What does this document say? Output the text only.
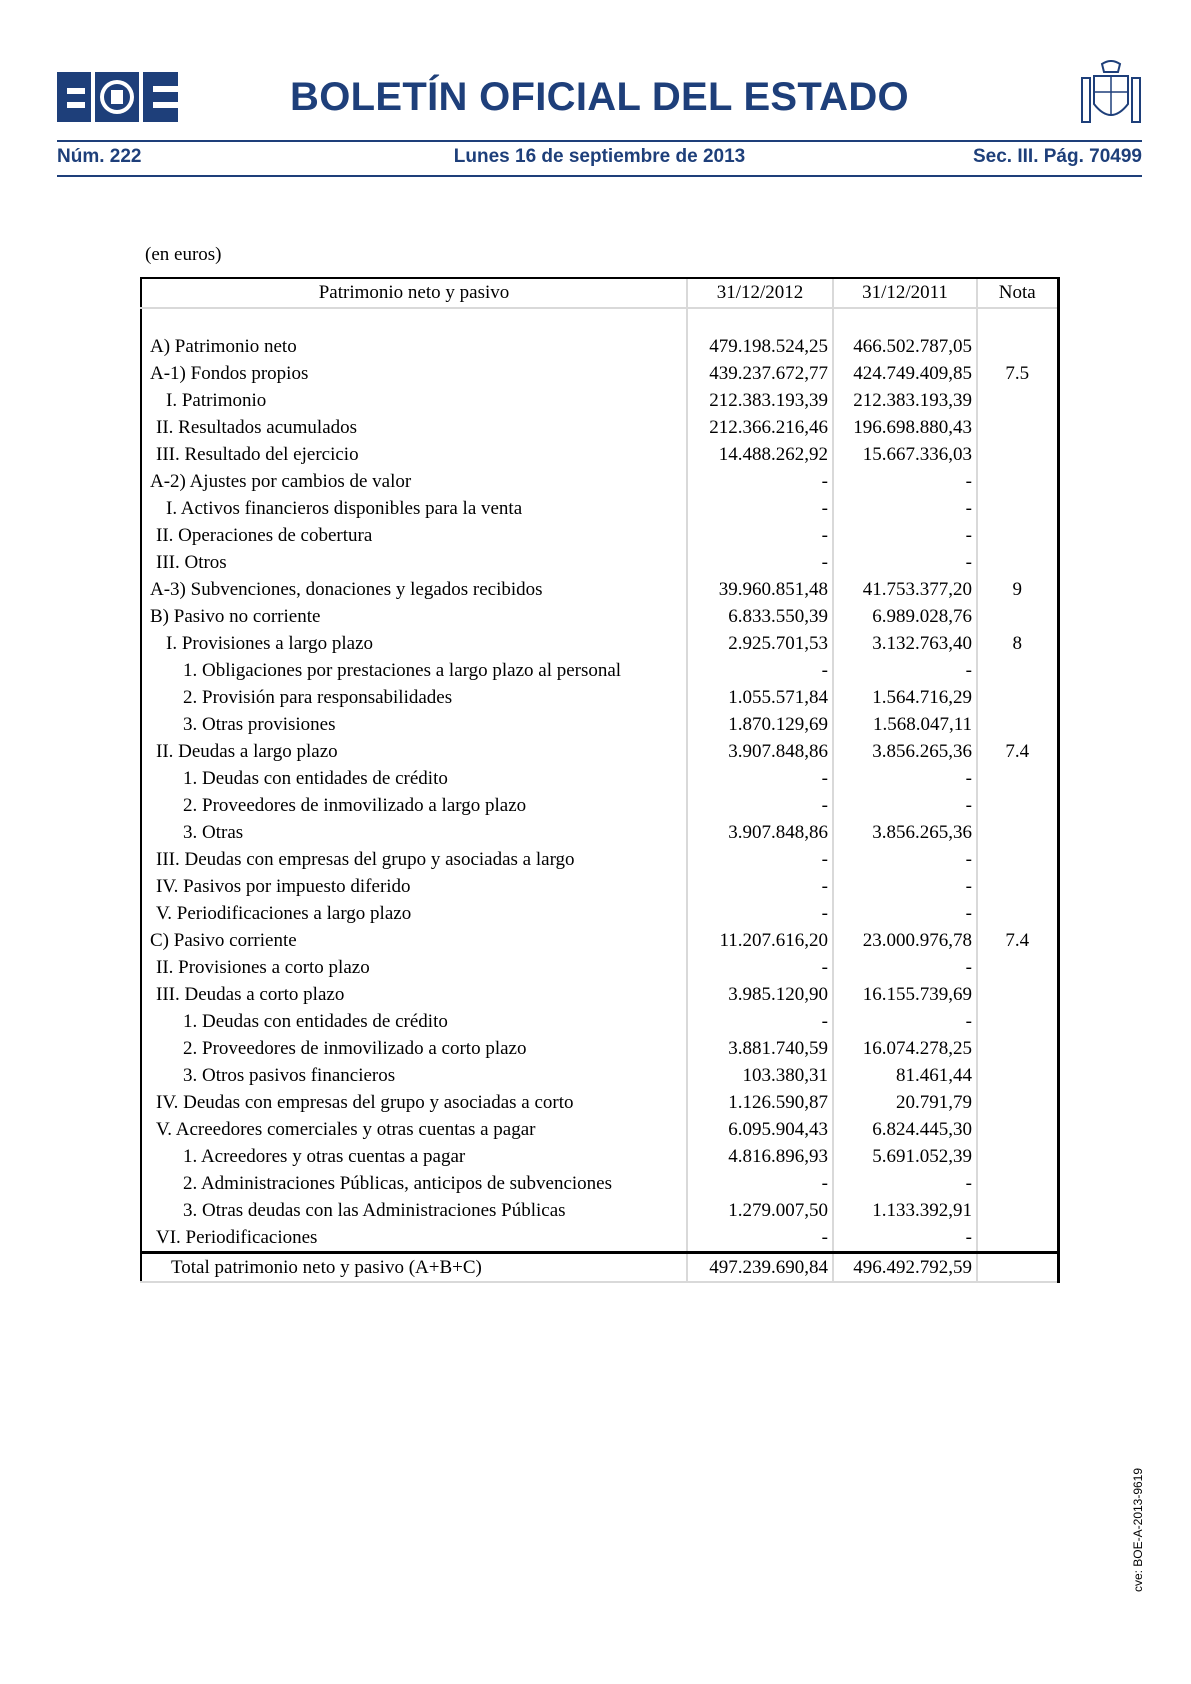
BOLETÍN OFICIAL DEL ESTADO
Núm. 222	Lunes 16 de septiembre de 2013	Sec. III. Pág. 70499
(en euros)
Patrimonio neto y pasivo	31/12/2012	31/12/2011	Nota

A) Patrimonio neto	479.198.524,25	466.502.787,05	
A-1) Fondos propios	439.237.672,77	424.749.409,85	7.5
I. Patrimonio	212.383.193,39	212.383.193,39	
II. Resultados acumulados	212.366.216,46	196.698.880,43	
III. Resultado del ejercicio	14.488.262,92	15.667.336,03	
A-2) Ajustes por cambios de valor	-	-	
I. Activos financieros disponibles para la venta	-	-	
II. Operaciones de cobertura	-	-	
III. Otros	-	-	
A-3) Subvenciones, donaciones y legados recibidos	39.960.851,48	41.753.377,20	9
B) Pasivo no corriente	6.833.550,39	6.989.028,76	
I. Provisiones a largo plazo	2.925.701,53	3.132.763,40	8
1. Obligaciones por prestaciones a largo plazo al personal	-	-	
2. Provisión para responsabilidades	1.055.571,84	1.564.716,29	
3. Otras provisiones	1.870.129,69	1.568.047,11	
II. Deudas a largo plazo	3.907.848,86	3.856.265,36	7.4
1. Deudas con entidades de crédito	-	-	
2. Proveedores de inmovilizado a largo plazo	-	-	
3. Otras	3.907.848,86	3.856.265,36	
III. Deudas con empresas del grupo y asociadas a largo	-	-	
IV. Pasivos por impuesto diferido	-	-	
V. Periodificaciones a largo plazo	-	-	
C) Pasivo corriente	11.207.616,20	23.000.976,78	7.4
II. Provisiones a corto plazo	-	-	
III. Deudas a corto plazo	3.985.120,90	16.155.739,69	
1. Deudas con entidades de crédito	-	-	
2. Proveedores de inmovilizado a corto plazo	3.881.740,59	16.074.278,25	
3. Otros pasivos financieros	103.380,31	81.461,44	
IV. Deudas con empresas del grupo y asociadas a corto	1.126.590,87	20.791,79	
V. Acreedores comerciales y otras cuentas a pagar	6.095.904,43	6.824.445,30	
1. Acreedores y otras cuentas a pagar	4.816.896,93	5.691.052,39	
2. Administraciones Públicas, anticipos de subvenciones	-	-	
3. Otras deudas con las Administraciones Públicas	1.279.007,50	1.133.392,91	
VI. Periodificaciones	-	-	
Total patrimonio neto y pasivo (A+B+C)	497.239.690,84	496.492.792,59	
cve: BOE-A-2013-9619
